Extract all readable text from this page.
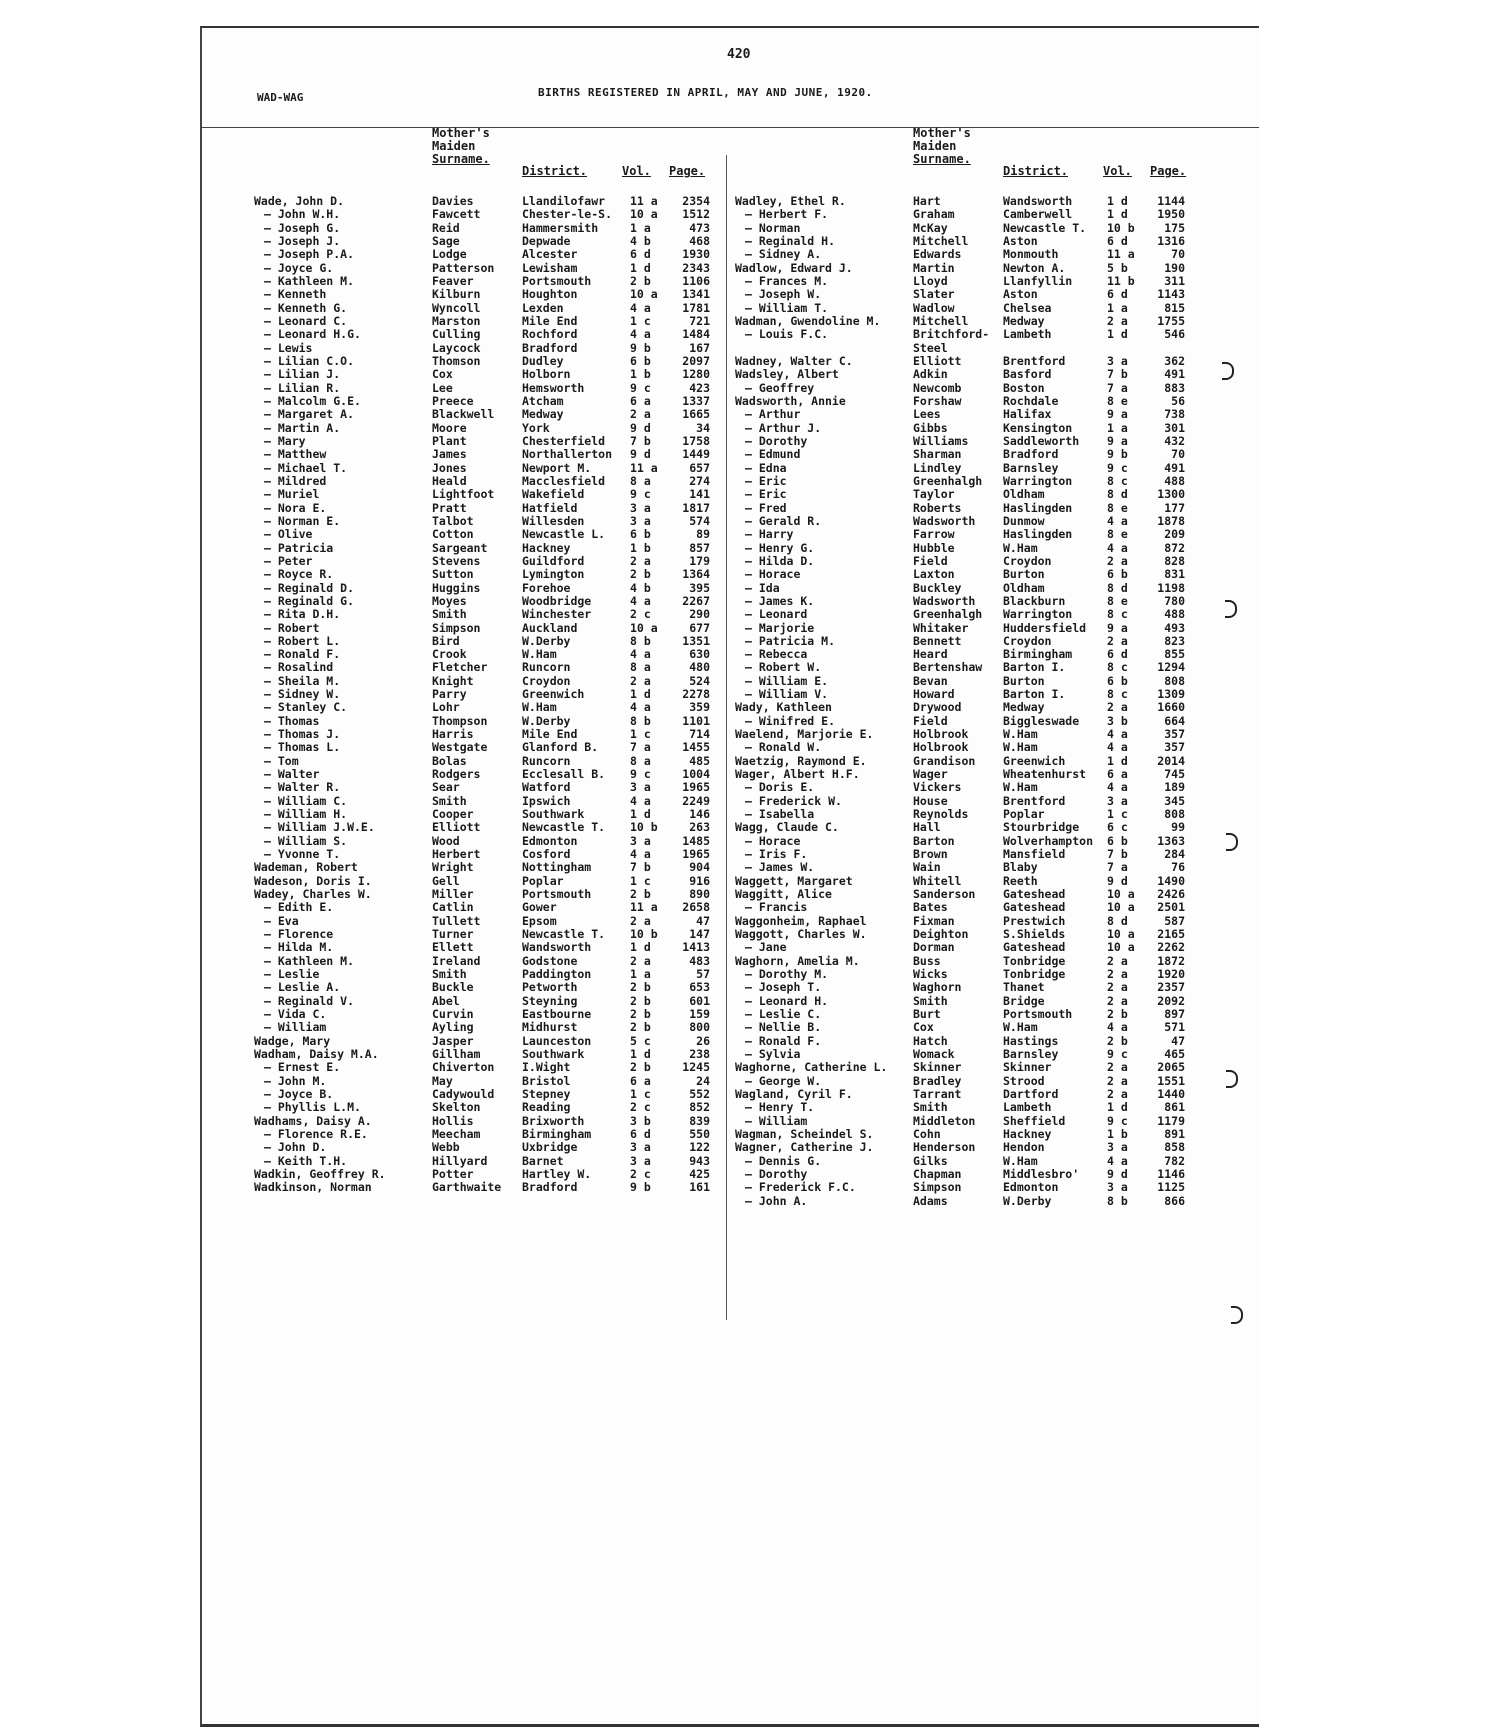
420
WAD-WAG	BIRTHS REGISTERED IN APRIL, MAY AND JUNE, 1920.
Mother's
Maiden
Surname.
District.	Vol. Page.
Wade, John D.	Davies	Llandilofawr 11 a	2354
— John W.H.	Fawcett	Chester-le-S. 10 a	1512
— Joseph G.	Reid	Hammersmith	1 a	473
— Joseph J.	Sage	Depwade	4 b	468
— Joseph P.A.	Lodge	Alcester	6 d	1930
— Joyce G.	Patterson Lewisham	1 d	2343
— Kathleen M.	Feaver	Portsmouth	2 b	1106
— Kenneth	Kilburn	Houghton	10 a	1341
— Kenneth G.	Wyncoll	Lexden	4 a	1781
— Leonard C.	Marston	Mile End	1 c	721
— Leonard H.G.	Culling	Rochford	4 a	1484
— Lewis	Laycock	Bradford	9 b	167
— Lilian C.O.	Thomson	Dudley	6 b	2097
— Lilian J.	Cox	Holborn	1 b	1280
— Lilian R.	Lee	Hemsworth	9 c	423
— Malcolm G.E.	Preece	Atcham	6 a	1337
— Margaret A.	Blackwell Medway	2 a	1665
— Martin A.	Moore	York	9 d	34
— Mary	Plant	Chesterfield 7 b	1758
— Matthew	James	Northallerton 9 d	1449
— Michael T.	Jones	Newport M.	11 a	657
— Mildred	Heald	Macclesfield 8 a	274
— Muriel	Lightfoot Wakefield	9 c	141
— Nora E.	Pratt	Hatfield	3 a	1817
— Norman E.	Talbot	Willesden	3 a	574
— Olive	Cotton	Newcastle L. 6 b	89
— Patricia	Sargeant	Hackney	1 b	857
— Peter	Stevens	Guildford	2 a	179
— Royce R.	Sutton	Lymington	2 b	1364
— Reginald D.	Huggins	Forehoe	4 b	395
— Reginald G.	Moyes	Woodbridge	4 a	2267
— Rita D.H.	Smith	Winchester	2 c	290
— Robert	Simpson	Auckland	10 a	677
— Robert L.	Bird	W.Derby	8 b	1351
— Ronald F.	Crook	W.Ham	4 a	630
— Rosalind	Fletcher	Runcorn	8 a	480
— Sheila M.	Knight	Croydon	2 a	524
— Sidney W.	Parry	Greenwich	1 d	2278
— Stanley C.	Lohr	W.Ham	4 a	359
— Thomas	Thompson	W.Derby	8 b	1101
— Thomas J.	Harris	Mile End	1 c	714
— Thomas L.	Westgate	Glanford B.	7 a	1455
— Tom	Bolas	Runcorn	8 a	485
— Walter	Rodgers	Ecclesall B. 9 c	1004
— Walter R.	Sear	Watford	3 a	1965
— William C.	Smith	Ipswich	4 a	2249
— William H.	Cooper	Southwark	1 d	146
— William J.W.E.	Elliott	Newcastle T. 10 b	263
— William S.	Wood	Edmonton	3 a	1485
— Yvonne T.	Herbert	Cosford	4 a	1965
Wademan, Robert	Wright	Nottingham	7 b	904
Wadeson, Doris I.	Gell	Poplar	1 c	916
Wadey, Charles W.	Miller	Portsmouth	2 b	890
— Edith E.	Catlin	Gower	11 a	2658
— Eva	Tullett	Epsom	2 a	47
— Florence	Turner	Newcastle T. 10 b	147
— Hilda M.	Ellett	Wandsworth	1 d	1413
— Kathleen M.	Ireland	Godstone	2 a	483
— Leslie	Smith	Paddington	1 a	57
— Leslie A.	Buckle	Petworth	2 b	653
— Reginald V.	Abel	Steyning	2 b	601
— Vida C.	Curvin	Eastbourne	2 b	159
— William	Ayling	Midhurst	2 b	800
Wadge, Mary	Jasper	Launceston	5 c	26
Wadham, Daisy M.A.	Gillham	Southwark	1 d	238
— Ernest E.	Chiverton I.Wight	2 b	1245
— John M.	May	Bristol	6 a	24
— Joyce B.	Cadywould Stepney	1 c	552
— Phyllis L.M.	Skelton	Reading	2 c	852
Wadhams, Daisy A.	Hollis	Brixworth	3 b	839
— Florence R.E.	Meecham	Birmingham	6 d	550
— John D.	Webb	Uxbridge	3 a	122
— Keith T.H.	Hillyard	Barnet	3 a	943
Wadkin, Geoffrey R.	Potter	Hartley W.	2 c	425
Wadkinson, Norman	Garthwaite Bradford	9 b	161
Mother's
Maiden
Surname.
District.	Vol. Page.
Wadley, Ethel R.	Hart	Wandsworth	1 d	1144
— Herbert F.	Graham	Camberwell	1 d	1950
— Norman	McKay	Newcastle T. 10 b	175
— Reginald H.	Mitchell	Aston	6 d	1316
— Sidney A.	Edwards	Monmouth	11 a	70
Wadlow, Edward J.	Martin	Newton A.	5 b	190
— Frances M.	Lloyd	Llanfyllin	11 b	311
— Joseph W.	Slater	Aston	6 d	1143
— William T.	Wadlow	Chelsea	1 a	815
Wadman, Gwendoline M.	Mitchell	Medway	2 a	1755
— Louis F.C.	Britchford- Lambeth	1 d	546
Steel
Wadney, Walter C.	Elliott	Brentford	3 a	362
Wadsley, Albert	Adkin	Basford	7 b	491
— Geoffrey	Newcomb	Boston	7 a	883
Wadsworth, Annie	Forshaw	Rochdale	8 e	56
— Arthur	Lees	Halifax	9 a	738
— Arthur J.	Gibbs	Kensington	1 a	301
— Dorothy	Williams	Saddleworth 9 a	432
— Edmund	Sharman	Bradford	9 b	70
— Edna	Lindley	Barnsley	9 c	491
— Eric	Greenhalgh Warrington	8 c	488
— Eric	Taylor	Oldham	8 d	1300
— Fred	Roberts	Haslingden	8 e	177
— Gerald R.	Wadsworth Dunmow	4 a	1878
— Harry	Farrow	Haslingden	8 e	209
— Henry G.	Hubble	W.Ham	4 a	872
— Hilda D.	Field	Croydon	2 a	828
— Horace	Laxton	Burton	6 b	831
— Ida	Buckley	Oldham	8 d	1198
— James K.	Wadsworth Blackburn	8 e	780
— Leonard	Greenhalgh Warrington	8 c	488
— Marjorie	Whitaker	Huddersfield 9 a	493
— Patricia M.	Bennett	Croydon	2 a	823
— Rebecca	Heard	Birmingham	6 d	855
— Robert W.	Bertenshaw Barton I.	8 c	1294
— William E.	Bevan	Burton	6 b	808
— William V.	Howard	Barton I.	8 c	1309
Wady, Kathleen	Drywood	Medway	2 a	1660
— Winifred E.	Field	Biggleswade 3 b	664
Waelend, Marjorie E.	Holbrook	W.Ham	4 a	357
— Ronald W.	Holbrook	W.Ham	4 a	357
Waetzig, Raymond E.	Grandison Greenwich	1 d	2014
Wager, Albert H.F.	Wager	Wheatenhurst 6 a	745
— Doris E.	Vickers	W.Ham	4 a	189
— Frederick W.	House	Brentford	3 a	345
— Isabella	Reynolds	Poplar	1 c	808
Wagg, Claude C.	Hall	Stourbridge 6 c	99
— Horace	Barton	Wolverhampton 6 b	1363
— Iris F.	Brown	Mansfield	7 b	284
— James W.	Wain	Blaby	7 a	76
Waggett, Margaret	Whitell	Reeth	9 d	1490
Waggitt, Alice	Sanderson Gateshead	10 a	2426
— Francis	Bates	Gateshead	10 a	2501
Waggonheim, Raphael	Fixman	Prestwich	8 d	587
Waggott, Charles W.	Deighton	S.Shields	10 a	2165
— Jane	Dorman	Gateshead	10 a	2262
Waghorn, Amelia M.	Buss	Tonbridge	2 a	1872
— Dorothy M.	Wicks	Tonbridge	2 a	1920
— Joseph T.	Waghorn	Thanet	2 a	2357
— Leonard H.	Smith	Bridge	2 a	2092
— Leslie C.	Burt	Portsmouth	2 b	897
— Nellie B.	Cox	W.Ham	4 a	571
— Ronald F.	Hatch	Hastings	2 b	47
— Sylvia	Womack	Barnsley	9 c	465
Waghorne, Catherine L. Skinner	Skinner	2 a	2065
— George W.	Bradley	Strood	2 a	1551
Wagland, Cyril F.	Tarrant	Dartford	2 a	1440
— Henry T.	Smith	Lambeth	1 d	861
— William	Middleton Sheffield	9 c	1179
Wagman, Scheindel S.	Cohn	Hackney	1 b	891
Wagner, Catherine J.	Henderson Hendon	3 a	858
— Dennis G.	Gilks	W.Ham	4 a	782
— Dorothy	Chapman	Middlesbro' 9 d	1146
— Frederick F.C.	Simpson	Edmonton	3 a	1125
— John A.	Adams	W.Derby	8 b	866
